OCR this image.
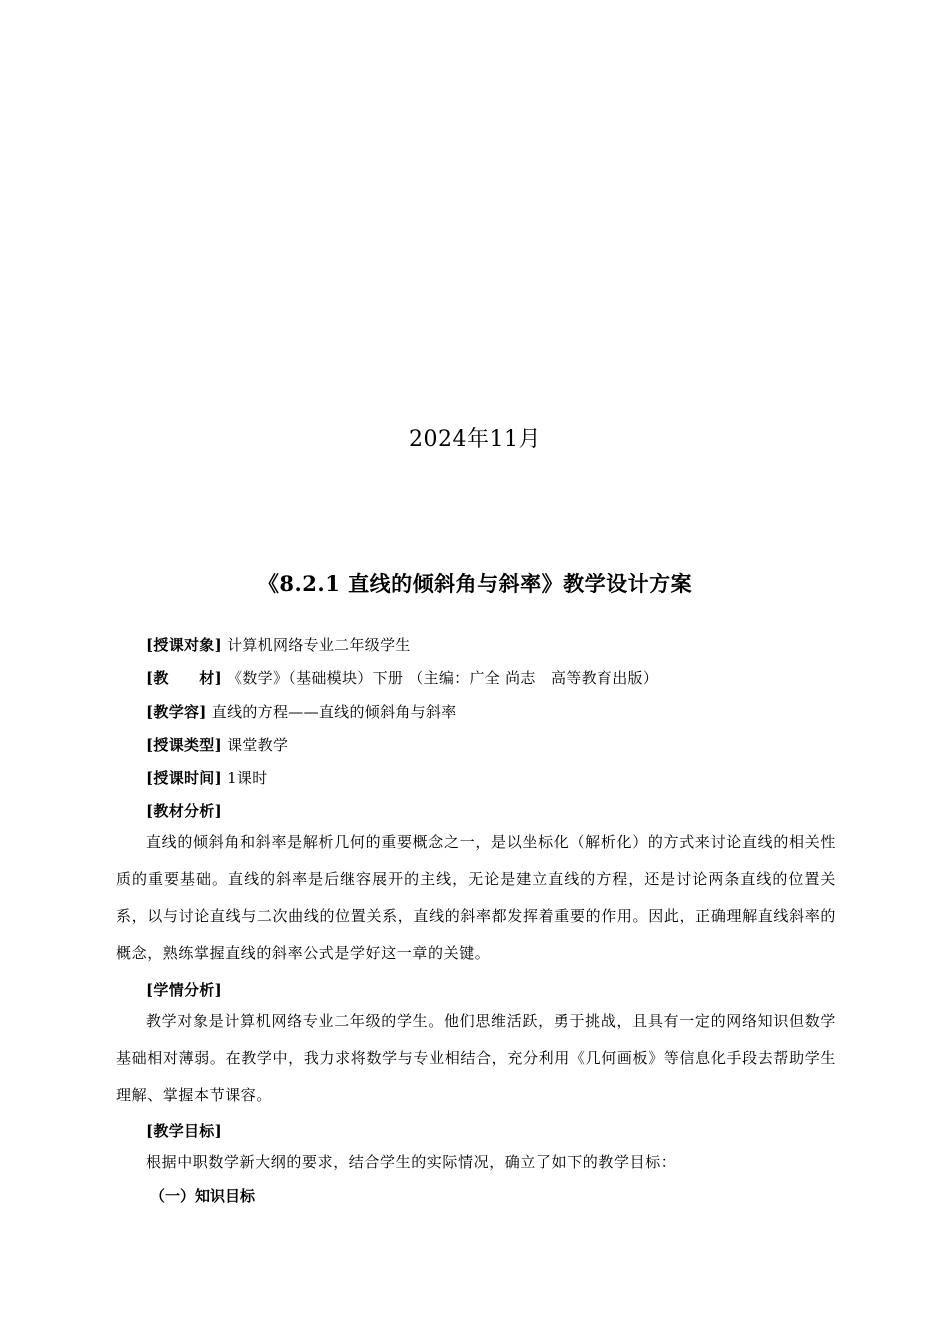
2024年11月
《8.2.1 直线的倾斜角与斜率》教学设计方案
[授课对象] 计算机网络专业二年级学生
[教　　材] 《数学》（基础模块）下册 （主编：广全 尚志　高等教育出版）
[教学容] 直线的方程——直线的倾斜角与斜率
[授课类型] 课堂教学
[授课时间] 1课时
[教材分析]
直线的倾斜角和斜率是解析几何的重要概念之一，是以坐标化（解析化）的方式来讨论直线的相关性质的重要基础。直线的斜率是后继容展开的主线，无论是建立直线的方程，还是讨论两条直线的位置关系，以与讨论直线与二次曲线的位置关系，直线的斜率都发挥着重要的作用。因此，正确理解直线斜率的概念，熟练掌握直线的斜率公式是学好这一章的关键。
[学情分析]
教学对象是计算机网络专业二年级的学生。他们思维活跃，勇于挑战，且具有一定的网络知识但数学基础相对薄弱。在教学中，我力求将数学与专业相结合，充分利用《几何画板》等信息化手段去帮助学生理解、掌握本节课容。
[教学目标]
根据中职数学新大纲的要求，结合学生的实际情况，确立了如下的教学目标：
（一）知识目标
